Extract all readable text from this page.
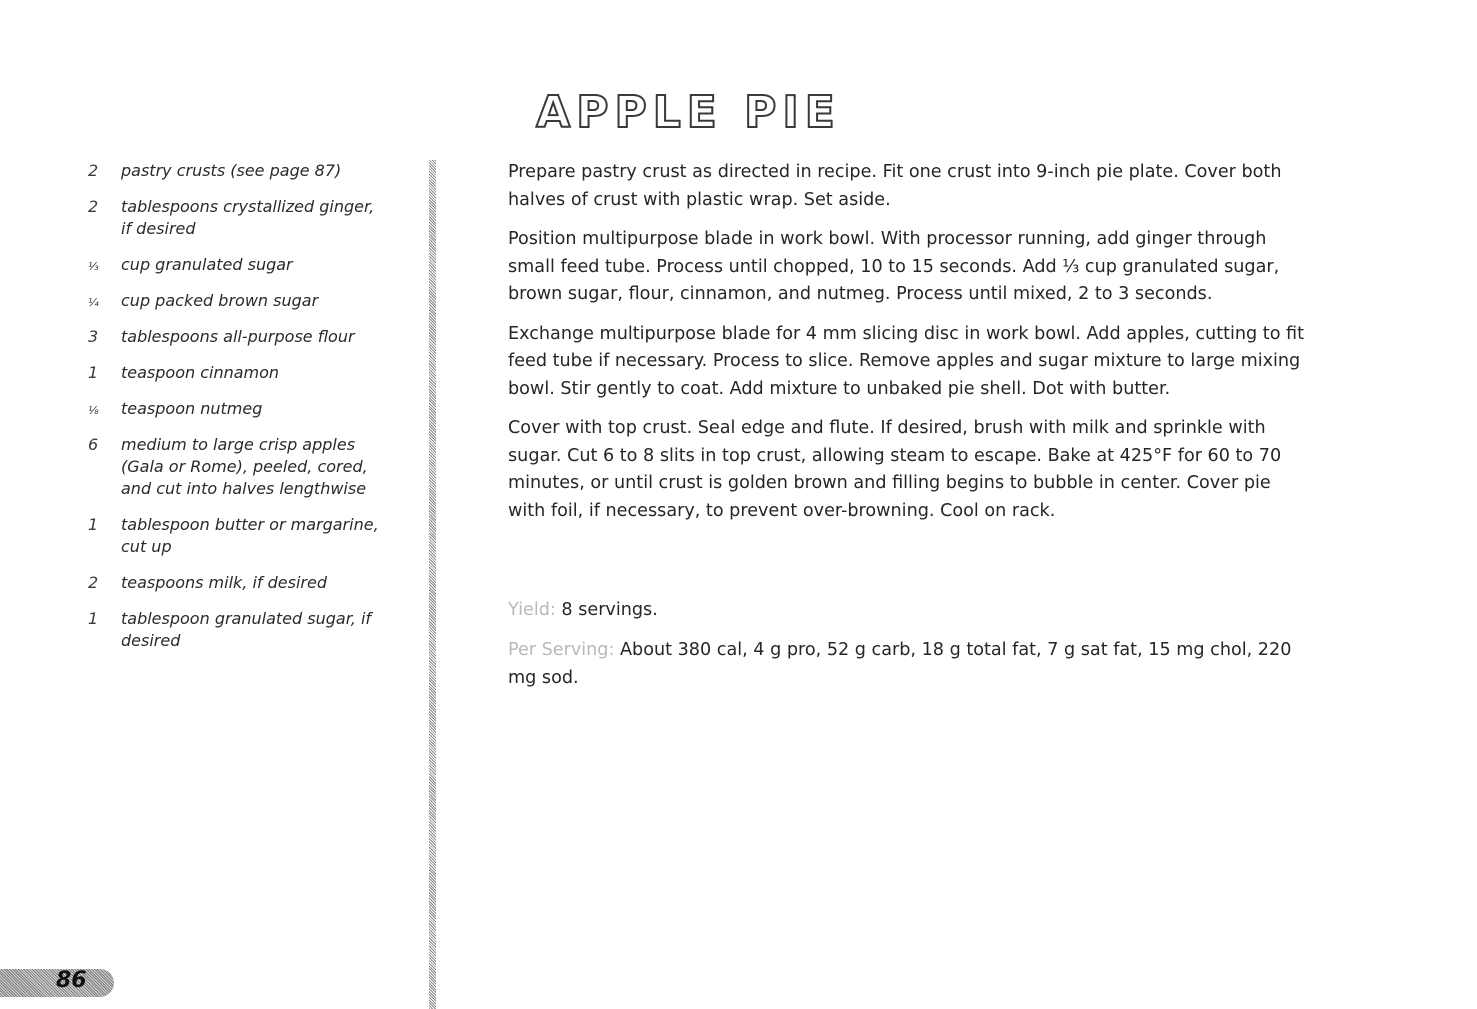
APPLE PIE
2	pastry crusts (see page 87)
2	tablespoons crystallized ginger, if desired
⅓	cup granulated sugar
¼	cup packed brown sugar
3	tablespoons all-purpose flour
1	teaspoon cinnamon
⅛	teaspoon nutmeg
6	medium to large crisp apples (Gala or Rome), peeled, cored, and cut into halves lengthwise
1	tablespoon butter or margarine, cut up
2	teaspoons milk, if desired
1	tablespoon granulated sugar, if desired

Prepare pastry crust as directed in recipe. Fit one crust into 9-inch pie plate. Cover both halves of crust with plastic wrap. Set aside.

Position multipurpose blade in work bowl. With processor running, add ginger through small feed tube. Process until chopped, 10 to 15 seconds. Add ⅓ cup granulated sugar, brown sugar, flour, cinnamon, and nutmeg. Process until mixed, 2 to 3 seconds.

Exchange multipurpose blade for 4 mm slicing disc in work bowl. Add apples, cutting to fit feed tube if necessary. Process to slice. Remove apples and sugar mixture to large mixing bowl. Stir gently to coat. Add mixture to unbaked pie shell. Dot with butter.

Cover with top crust. Seal edge and flute. If desired, brush with milk and sprinkle with sugar. Cut 6 to 8 slits in top crust, allowing steam to escape. Bake at 425°F for 60 to 70 minutes, or until crust is golden brown and filling begins to bubble in center. Cover pie with foil, if necessary, to prevent over-browning. Cool on rack.

Yield: 8 servings.

Per Serving: About 380 cal, 4 g pro, 52 g carb, 18 g total fat, 7 g sat fat, 15 mg chol, 220 mg sod.

86
